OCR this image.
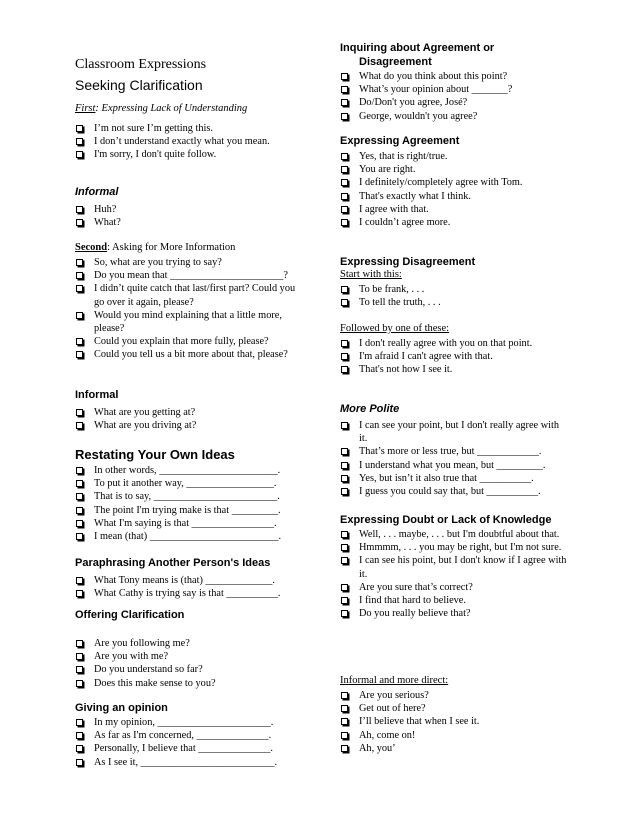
Classroom Expressions
Seeking Clarification
First: Expressing Lack of Understanding
I’m not sure I’m getting this.
I don’t understand exactly what you mean.
I'm sorry, I don't quite follow.
Informal
Huh?
What?
Second: Asking for More Information
So, what are you trying to say?
Do you mean that ______________________?
I didn’t quite catch that last/first part? Could you go over it again, please?
Would you mind explaining that a little more, please?
Could you explain that more fully, please?
Could you tell us a bit more about that, please?
Informal
What are you getting at?
What are you driving at?
Restating Your Own Ideas
In other words, _______________________.
To put it another way, _________________.
That is to say, ________________________.
The point I'm trying make is that _________.
What I'm saying is that ________________.
I mean (that) _________________________.
Paraphrasing Another Person's Ideas
What Tony means is (that) _____________.
What Cathy is trying say is that __________.
Offering Clarification
Are you following me?
Are you with me?
Do you understand so far?
Does this make sense to you?
Giving an opinion
In my opinion, ______________________.
As far as I'm concerned, ______________.
Personally, I believe that ______________.
As I see it, __________________________.
Inquiring about Agreement or
Disagreement
What do you think about this point?
What’s your opinion about _______?
Do/Don't you agree, José?
George, wouldn't you agree?
Expressing Agreement
Yes, that is right/true.
You are right.
I definitely/completely agree with Tom.
That's exactly what I think.
I agree with that.
I couldn’t agree more.
Expressing Disagreement
Start with this:
To be frank, . . .
To tell the truth, . . .
Followed by one of these:
I don't really agree with you on that point.
I'm afraid I can't agree with that.
That's not how I see it.
More Polite
I can see your point, but I don't really agree with it.
That’s more or less true, but ____________.
I understand what you mean, but _________.
Yes, but isn’t it also true that __________.
I guess you could say that, but __________.
Expressing Doubt or Lack of Knowledge
Well, . . . maybe, . . . but I'm doubtful about that.
Hmmmm, . . . you may be right, but I'm not sure.
I can see his point, but I don't know if I agree with it.
Are you sure that’s correct?
I find that hard to believe.
Do you really believe that?
Informal and more direct:
Are you serious?
Get out of here?
I’ll believe that when I see it.
Ah, come on!
Ah, you’
